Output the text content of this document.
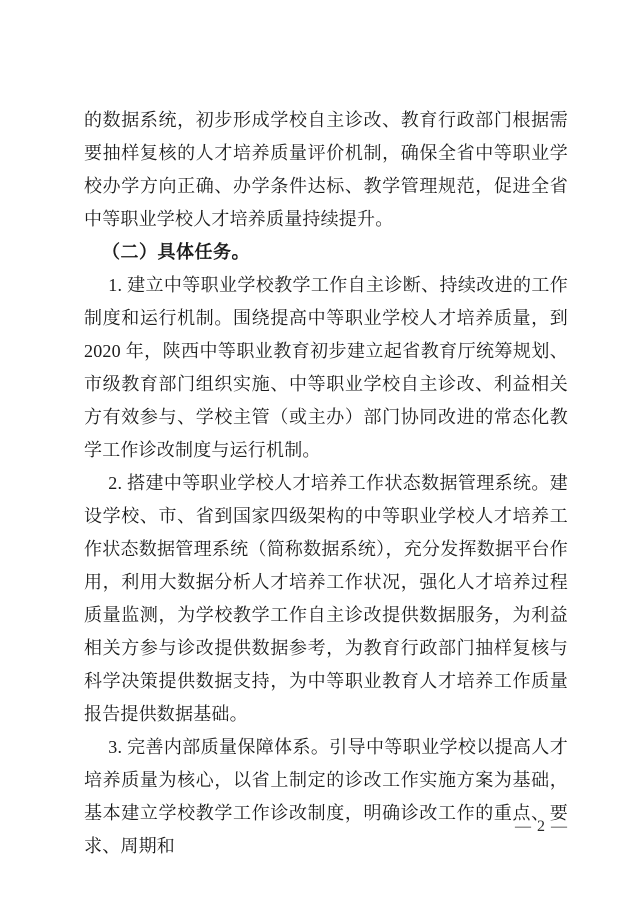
的数据系统，初步形成学校自主诊改、教育行政部门根据需要抽样复核的人才培养质量评价机制，确保全省中等职业学校办学方向正确、办学条件达标、教学管理规范，促进全省中等职业学校人才培养质量持续提升。

（二）具体任务。

1. 建立中等职业学校教学工作自主诊断、持续改进的工作制度和运行机制。围绕提高中等职业学校人才培养质量，到 2020 年，陕西中等职业教育初步建立起省教育厅统筹规划、市级教育部门组织实施、中等职业学校自主诊改、利益相关方有效参与、学校主管（或主办）部门协同改进的常态化教学工作诊改制度与运行机制。

2. 搭建中等职业学校人才培养工作状态数据管理系统。建设学校、市、省到国家四级架构的中等职业学校人才培养工作状态数据管理系统（简称数据系统），充分发挥数据平台作用，利用大数据分析人才培养工作状况，强化人才培养过程质量监测，为学校教学工作自主诊改提供数据服务，为利益相关方参与诊改提供数据参考，为教育行政部门抽样复核与科学决策提供数据支持，为中等职业教育人才培养工作质量报告提供数据基础。

3. 完善内部质量保障体系。引导中等职业学校以提高人才培养质量为核心，以省上制定的诊改工作实施方案为基础，基本建立学校教学工作诊改制度，明确诊改工作的重点、要求、周期和

— 2 —
